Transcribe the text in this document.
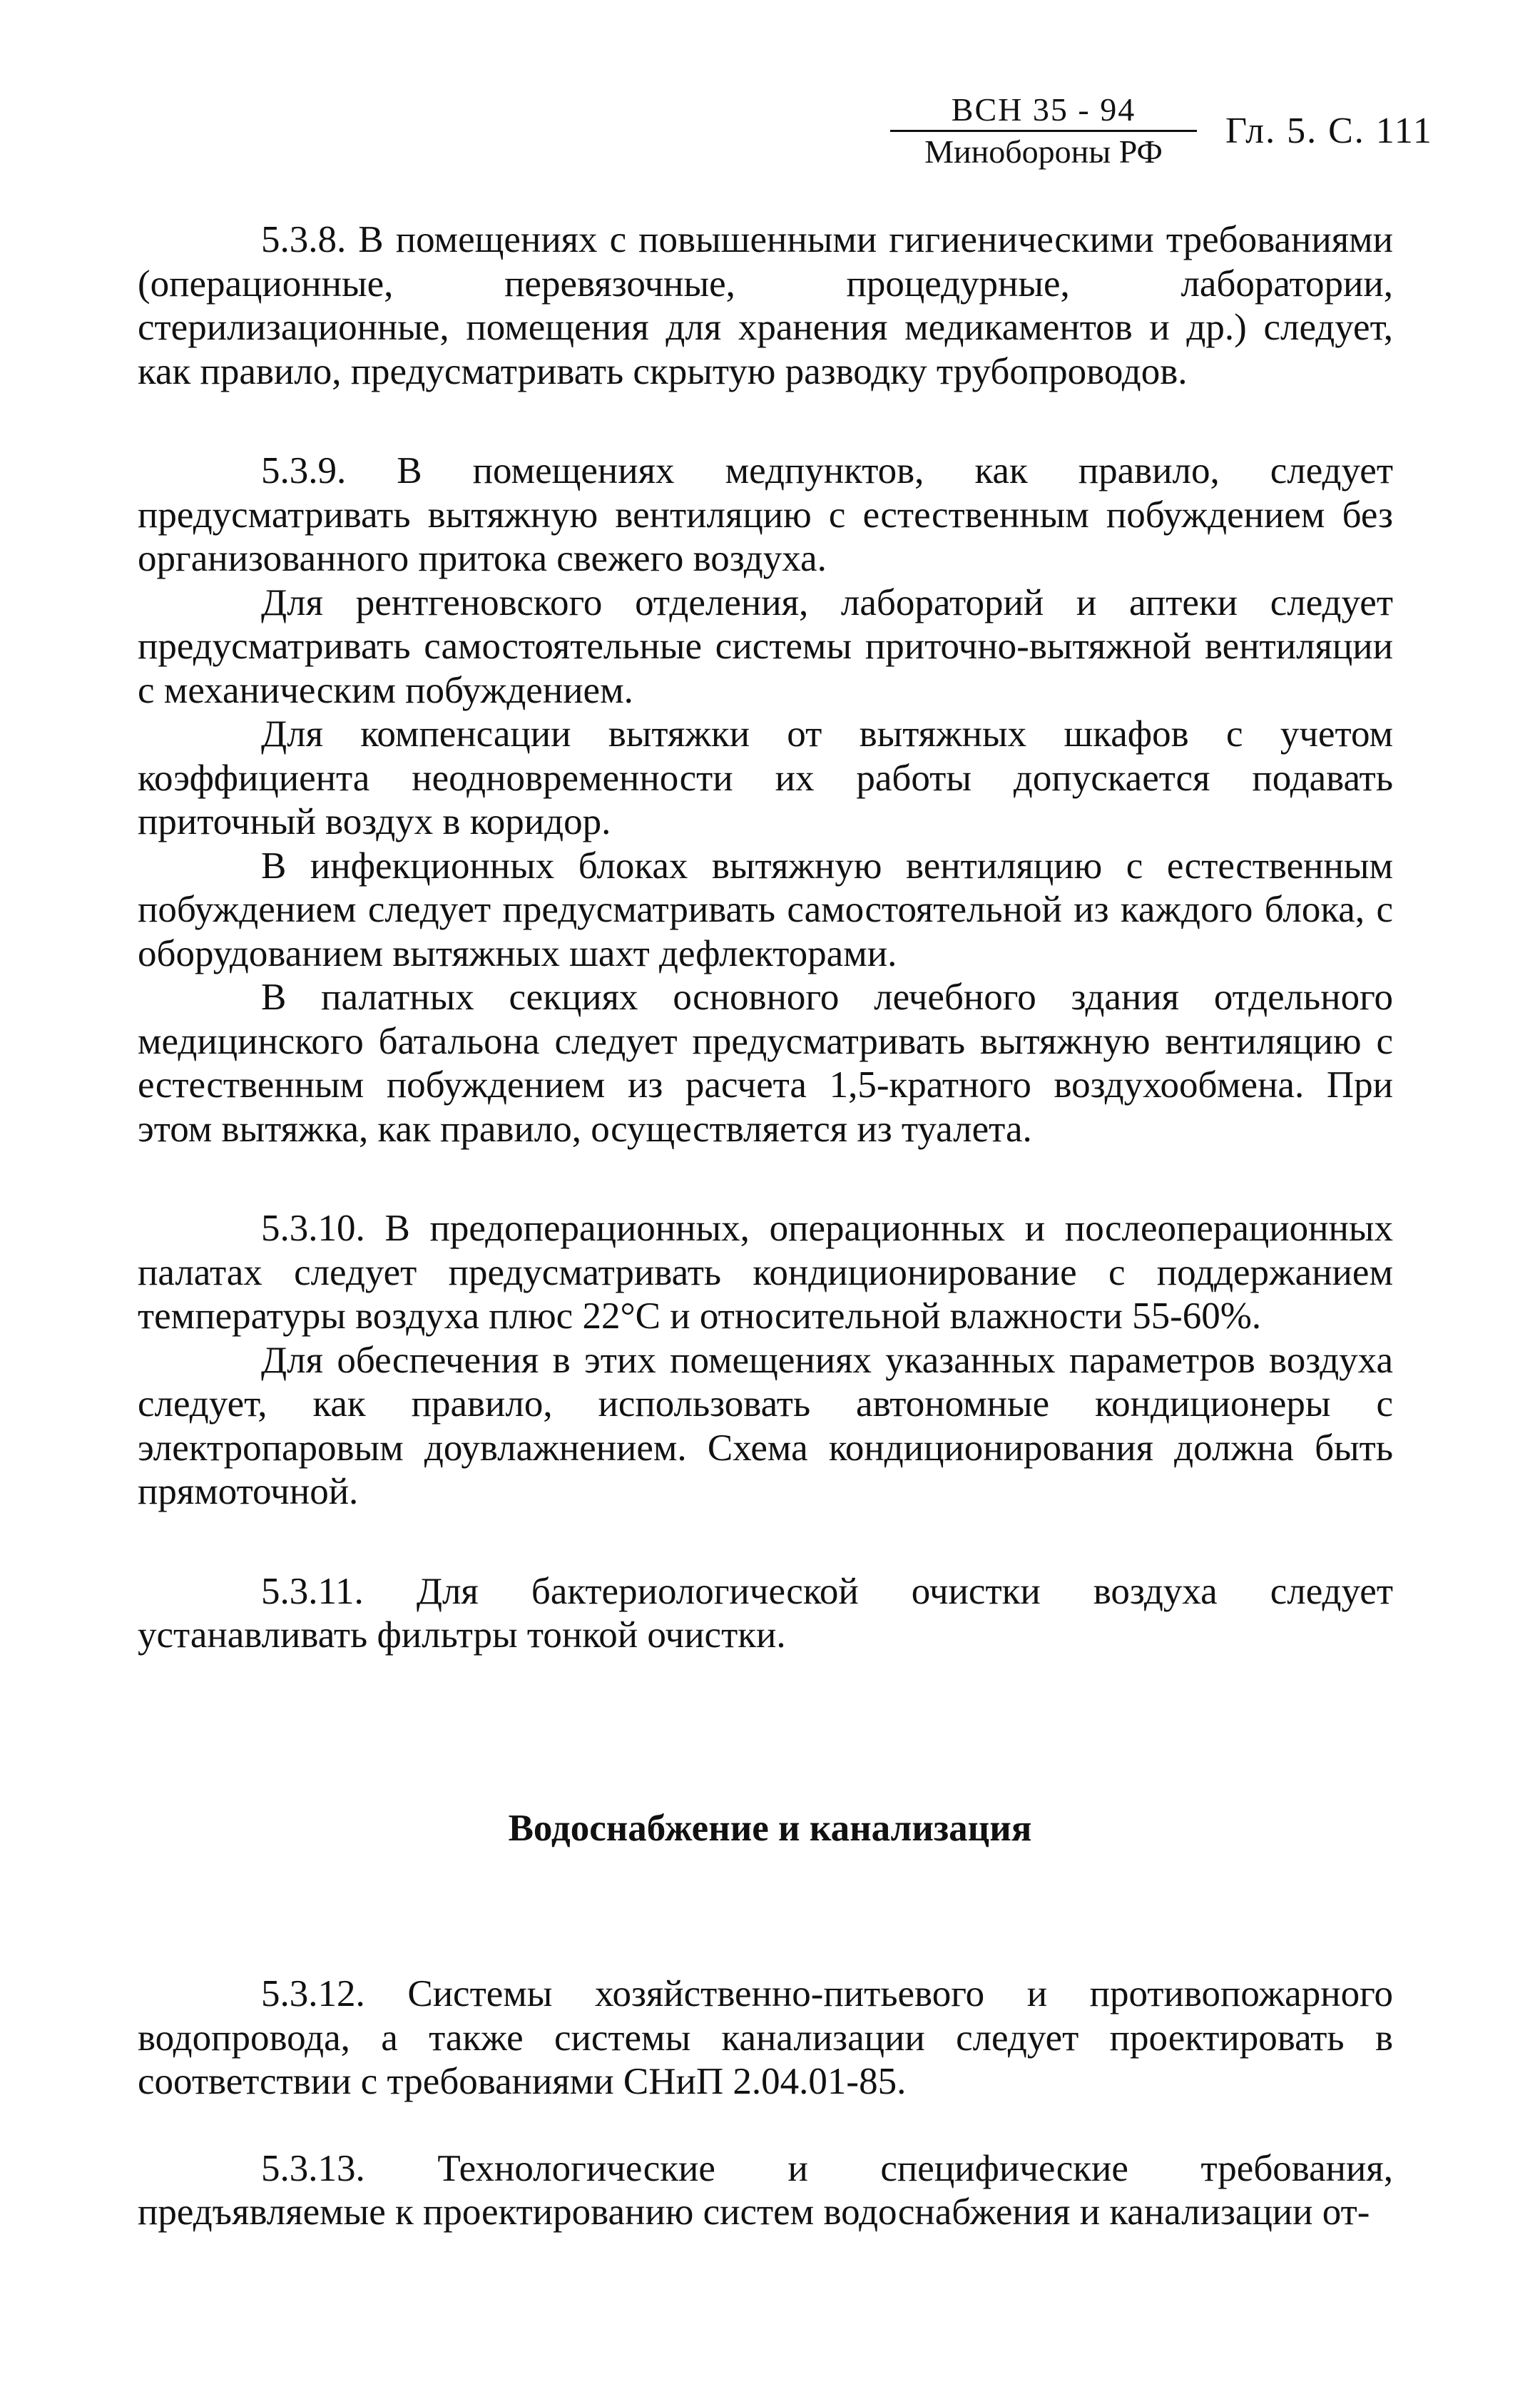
ВСН 35 - 94
Минобороны РФ
Гл. 5. С. 111

5.3.8. В помещениях с повышенными гигиеническими требованиями (операционные, перевязочные, процедурные, лаборатории, стерилизационные, помещения для хранения медикаментов и др.) следует, как правило, предусматривать скрытую разводку трубопроводов.

5.3.9. В помещениях медпунктов, как правило, следует предусматривать вытяжную вентиляцию с естественным побуждением без организованного притока свежего воздуха.

Для рентгеновского отделения, лабораторий и аптеки следует предусматривать самостоятельные системы приточно-вытяжной вентиляции с механическим побуждением.

Для компенсации вытяжки от вытяжных шкафов с учетом коэффициента неодновременности их работы допускается подавать приточный воздух в коридор.

В инфекционных блоках вытяжную вентиляцию с естественным побуждением следует предусматривать самостоятельной из каждого блока, с оборудованием вытяжных шахт дефлекторами.

В палатных секциях основного лечебного здания отдельного медицинского батальона следует предусматривать вытяжную вентиляцию с естественным побуждением из расчета 1,5-кратного воздухообмена. При этом вытяжка, как правило, осуществляется из туалета.

5.3.10. В предоперационных, операционных и послеоперационных палатах следует предусматривать кондиционирование с поддержанием температуры воздуха плюс 22°С и относительной влажности 55-60%.

Для обеспечения в этих помещениях указанных параметров воздуха следует, как правило, использовать автономные кондиционеры с электропаровым доувлажнением. Схема кондиционирования должна быть прямоточной.

5.3.11. Для бактериологической очистки воздуха следует устанавливать фильтры тонкой очистки.

Водоснабжение и канализация

5.3.12. Системы хозяйственно-питьевого и противопожарного водопровода, а также системы канализации следует проектировать в соответствии с требованиями СНиП 2.04.01-85.

5.3.13. Технологические и специфические требования, предъявляемые к проектированию систем водоснабжения и канализации от-
